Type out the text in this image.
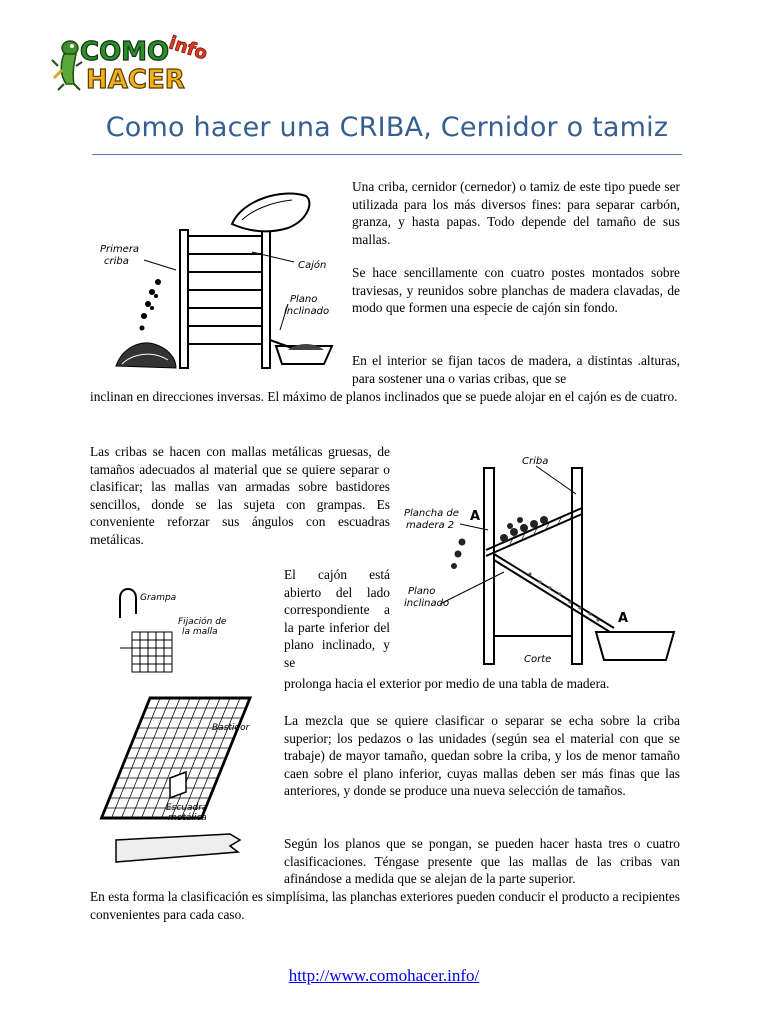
COMO
info
HACER
Como hacer una CRIBA, Cernidor o tamiz
Primera
criba	Cajón
Plano
inclinado

Una criba, cernidor (cernedor) o tamiz de este tipo puede ser utilizada para los más diversos fines: para separar carbón, granza, y hasta papas. Todo depende del tamaño de sus mallas.

Se hace sencillamente con cuatro postes montados sobre traviesas, y reunidos sobre planchas de madera clavadas, de modo que formen una especie de cajón sin fondo.

En el interior se fijan tacos de madera, a distintas .alturas, para sostener una o varias cribas, que se

inclinan en direcciones inversas. El máximo de planos inclinados que se puede alojar en el cajón es de cuatro.

Las cribas se hacen con mallas metálicas gruesas, de tamaños adecuados al material que se quiere separar o clasificar; las mallas van armadas sobre bastidores sencillos, donde se las sujeta con grampas. Es conveniente reforzar sus ángulos con escuadras metálicas.

Criba
Plancha de
madera 2
Plano
inclinado
Corte
A
A
Grampa
Fijación de
la malla
Bastidor
Escuadra
metálica

El cajón está abierto del lado correspondiente a la parte inferior del plano inclinado, y se

prolonga hacia el exterior por medio de una tabla de madera.

La mezcla que se quiere clasificar o separar se echa sobre la criba superior; los pedazos o las unidades (según sea el material con que se trabaje) de mayor tamaño, quedan sobre la criba, y los de menor tamaño caen sobre el plano inferior, cuyas mallas deben ser más finas que las anteriores, y donde se produce una nueva selección de tamaños.

Según los planos que se pongan, se pueden hacer hasta tres o cuatro clasificaciones. Téngase presente que las mallas de las cribas van afinándose a medida que se alejan de la parte superior.

En esta forma la clasificación es simplísima, las planchas exteriores pueden conducir el producto a recipientes convenientes para cada caso.

http://www.comohacer.info/
